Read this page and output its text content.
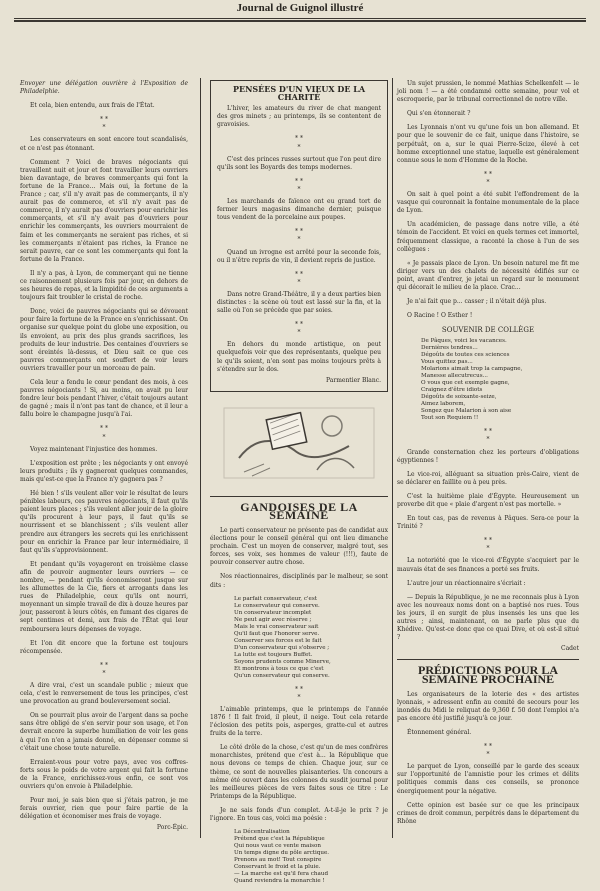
Journal de Guignol illustré

Envoyer une délégation ouvrière à l'Exposition de Philadelphie.

Et cela, bien entendu, aux frais de l'État.

* *
*

Les conservateurs en sont encore tout scandalisés, et ce n'est pas étonnant.

Comment ? Voici de braves négociants qui travaillent nuit et jour et font travailler leurs ouvriers bien davantage, de braves commerçants qui font la fortune de la France... Mais oui, la fortune de la France ; car, s'il n'y avait pas de commerçants, il n'y aurait pas de commerce, et s'il n'y avait pas de commerce, il n'y aurait pas d'ouvriers pour enrichir les commerçants, et s'il n'y avait pas d'ouvriers pour enrichir les commerçants, les ouvriers mourraient de faim et les commerçants ne seraient pas riches, et si les commerçants n'étaient pas riches, la France ne serait pauvre, car ce sont les commerçants qui font la fortune de la France.

Il n'y a pas, à Lyon, de commerçant qui ne tienne ce raisonnement plusieurs fois par jour, en dehors de ses heures de repas, et la limpidité de ces arguments a toujours fait troubler le cristal de roche.

Donc, voici de pauvres négociants qui se dévouent pour faire la fortune de la France en s'enrichissant. On organise sur quelque point du globe une exposition, ou ils envoient, au prix des plus grands sacrifices, les produits de leur industrie. Des centaines d'ouvriers se sont éreintés là-dessus, et Dieu sait ce que ces pauvres commerçants ont souffert de voir leurs ouvriers travailler pour un morceau de pain.

Cela leur a fendu le cœur pendant des mois, à ces pauvres négociants ! Si, au moins, on avait pu leur fondre leur bois pendant l'hiver, c'était toujours autant de gagné ; mais il n'ont pas tant de chance, et il leur a fallu boire le champagne jusqu'à l'ai.

* *
*

Voyez maintenant l'injustice des hommes.

L'exposition est prête ; les négociants y ont envoyé leurs produits ; ils y gagneront quelques commandes, mais qu'est-ce que la France n'y gagnera pas ?

Hé bien ! s'ils veulent aller voir le résultat de leurs pénibles labeurs, ces pauvres négociants, il faut qu'ils paient leurs places ; s'ils veulent aller jouir de la gloire qu'ils procurent à leur pays, il faut qu'ils se nourrissent et se blanchissent ; s'ils veulent aller prendre aux étrangers les secrets qui les enrichissent pour en enrichir la France par leur intermédiaire, il faut qu'ils s'approvisionnent.

Et pendant qu'ils voyageront en troisième classe afin de pouvoir augmenter leurs ouvriers — ce nombre, — pendant qu'ils économiseront jusque sur les allumettes de la Cie, fiers et arrogants dans les rues de Philadelphie, ceux qu'ils ont nourri, moyennant un simple travail de dix à douze heures par jour, passeront à leurs côtés, en fumant des cigares de sept centimes et demi, aux frais de l'État qui leur remboursera leurs dépenses de voyage.

Et l'on dit encore que la fortune est toujours récompensée.

* *
*

A dire vrai, c'est un scandale public ; mieux que cela, c'est le renversement de tous les principes, c'est une provocation au grand bouleversement social.

On se pourrait plus avoir de l'argent dans sa poche sans être obligé de s'en servir pour son usage, et l'on devrait encore la superbe humiliation de voir les gens à qui l'on n'en a jamais donné, en dépenser comme si c'était une chose toute naturelle.

Erraient-vous pour votre pays, avec vos coffres-forts sous le poids de votre argent qui fait la fortune de la France, enrichissez-vous enfin, ce sont vos ouvriers qu'on envoie à Philadelphie.

Pour moi, je sais bien que si j'étais patron, je me ferais ouvrier, rien que pour faire partie de la délégation et économiser mes frais de voyage.

Porc-Épic.
PENSÉES D'UN VIEUX DE LA CHARITÉ

L'hiver, les amateurs du river de chat mangent des gros minets ; au printemps, ils se contentent de gravoisies.

* *
*

C'est des princes russes surtout que l'on peut dire qu'ils sont les Boyards des temps modernes.

* *
*

Les marchands de faïence ont eu grand tort de fermer leurs magasins dimanche dernier, puisque tous vendent de la porcelaine aux poupes.

* *
*

Quand un ivrogne est arrêté pour la seconde fois, ou il n'être repris de vin, il devient repris de justice.

* *
*

Dans notre Grand-Théâtre, il y a deux parties bien distinctes : la scène où tout est lassé sur la fin, et la salle où l'on se précède que par soies.

* *
*

En dehors du monde artistique, on peut quelquefois voir que des représentants, quelque peu le qu'ils soient, n'en sont pas moins toujours prêts à s'étendre sur le dos.

Parmentier Blanc.
GANDOISES DE LA SEMAINE

Le parti conservateur ne présente pas de candidat aux élections pour le conseil général qui ont lieu dimanche prochain. C'est un moyen de conserver, malgré tout, ses forces, ses voix, ses hommes de valeur (!!!), faute de pouvoir conserver autre chose.

Nos réactionnaires, disciplinés par le malheur, se sont dits :

Le parfait conservateur, c'est
Le conservateur qui conserve.
Un conservateur incomplet
Ne peut agir avec réserve ;
Mais le vrai conservateur sait
Qu'il faut que l'honorer serve.
Conserver ses forces est le fait
D'un conservateur qui s'observe ;
La lutte est toujours Buffet.
Soyons prudents comme Minerve,
Et montrons à tous ce que c'est
Qu'un conservateur qui conserve.
* *
*

L'aimable printemps, que le printemps de l'année 1876 ! Il fait froid, il pleut, il neige. Tout cela retarde l'éclosion des petits pois, asperges, gratte-cul et autres fruits de la terre.

Le côté drôle de la chose, c'est qu'un de mes confrères monarchistes, prétend que c'est à... la République que nous devons ce temps de chien. Chaque jour, sur ce thème, ce sont de nouvelles plaisanteries. Un concours a même été ouvert dans les colonnes du susdit journal pour les meilleures pièces de vers faites sous ce titre : Le Printemps de la République.

Je ne sais fonds d'un complet. A-t-il-je le prix ? je l'ignore. En tous cas, voici ma poésie :

La Décentralisation
Prétend que c'est la République
Qui nous vaut ce vente maison
Un temps digne du pôle arctique.
Prenons au mot! Tout conspire
Conservant le froid et la pluie.
— La marche est qu'il fera chaud
Quand reviendra la monarchie !

Un sujet prussien, le nommé Mathias Schelkenfelt — le joli nom ! — a été condamné cette semaine, pour vol et escroquerie, par le tribunal correctionnel de notre ville.

Qui s'en étonnerait ?

Les Lyonnais n'ont vu qu'une fois un bon allemand. Et pour que le souvenir de ce fait, unique dans l'histoire, se perpétuât, on a, sur le quai Pierre-Scize, élevé à cet homme exceptionnel une statue, laquelle est généralement connue sous le nom d'Homme de la Roche.

* *
*

On sait à quel point a été subit l'effondrement de la vasque qui couronnait la fontaine monumentale de la place de Lyon.

Un académicien, de passage dans notre ville, a été témoin de l'accident. Et voici en quels termes cet immortel, fréquemment classique, a raconté la chose à l'un de ses collègues :

« Je passais place de Lyon. Un besoin naturel me fit me diriger vers un des chalets de nécessité édifiés sur ce point, avant d'entrer, je jetai un regard sur le monument qui décorait le milieu de la place. Crac...

Je n'ai fait que p... casser ; il n'était déjà plus.

O Racine ! O Esther !

SOUVENIR DE COLLÈGE
De Pâques, voici les vacances.
Dernières tendres...
Dégoûts de toutes ces sciences
Vous quittez pas...
Molarions aimait trop la campagne,
Manesse allecutrecus...
O vous que cet exemple gagne,
Craignez d'être idiots
Dégoûts de soixante-seize,
Aimez laborem,
Songez que Malarion à son aise
Tout son Requiem !!
* *
*

Grande consternation chez les porteurs d'obligations égyptiennes !

Le vice-roi, alléguant sa situation près-Caire, vient de se déclarer en faillite ou à peu près.

C'est la huitième plaie d'Égypte. Heureusement un proverbe dit que « plaie d'argent n'est pas mortelle. »

En tout cas, pas de revenus à Pâques. Sera-ce pour la Trinité ?

* *
*

La notoriété que le vice-roi d'Égypte s'acquiert par le mauvais état de ses finances a porté ses fruits.

L'autre jour un réactionnaire s'écriait :

— Depuis la République, je ne me reconnais plus à Lyon avec les nouveaux noms dont on a baptisé nos rues. Tous les jours, il en surgit de plus insensés les uns que les autres ; ainsi, maintenant, on ne parle plus que du Khédive. Qu'est-ce donc que ce quai Dive, et où est-il situé ?

Cadet
PRÉDICTIONS POUR LA SEMAINE PROCHAINE

Les organisateurs de la loterie des « des artistes lyonnais, » adressent enfin au comité de secours pour les inondés du Midi le reliquat de 9,360 f. 50 dont l'emploi n'a pas encore été justifié jusqu'à ce jour.

Étonnement général.

* *
*

Le parquet de Lyon, conseillé par le garde des sceaux sur l'opportunité de l'amnistie pour les crimes et délits politiques commis dans ces conseils, se prononce énergiquement pour la négative.

Cette opinion est basée sur ce que les principaux crimes de droit commun, perpétrés dans le département du Rhône
